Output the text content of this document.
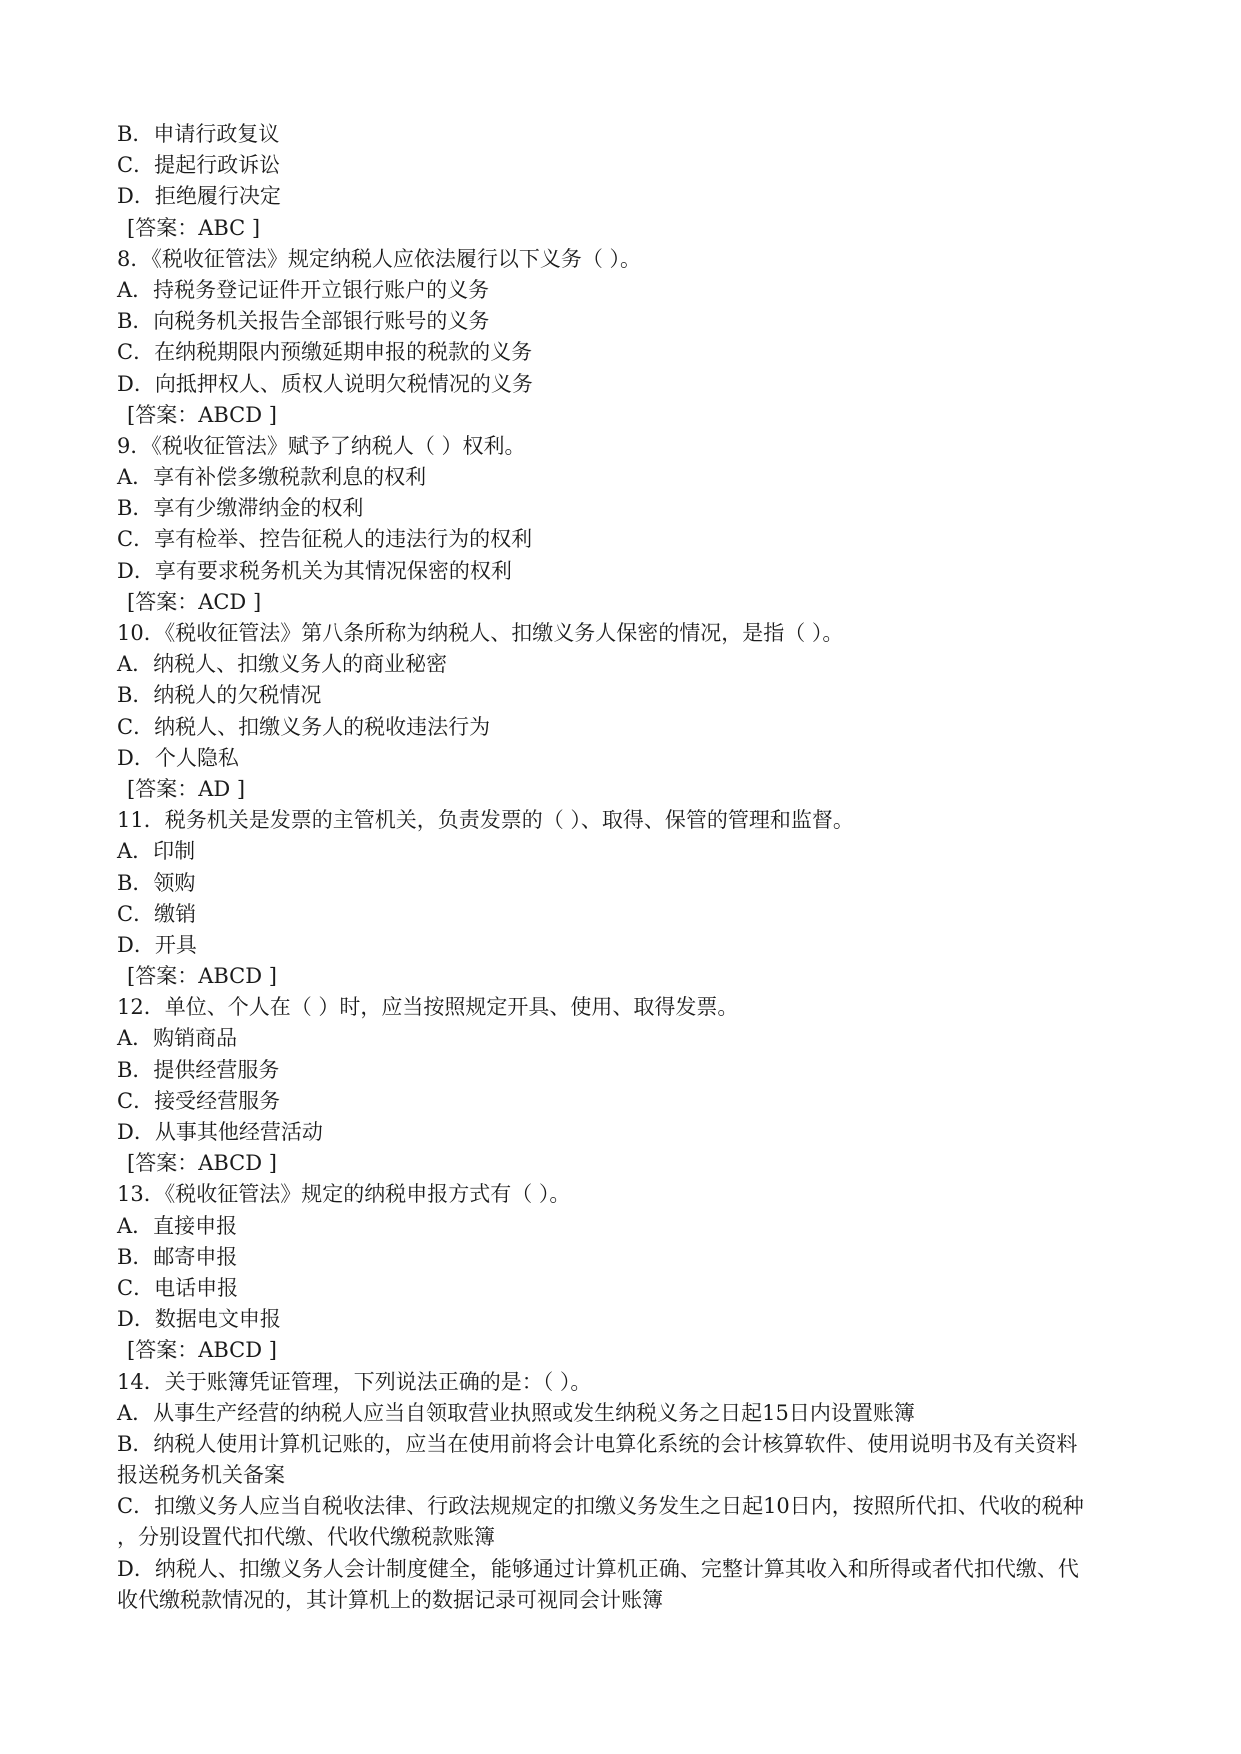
B．申请行政复议
C．提起行政诉讼
D．拒绝履行决定
[答案：ABC ]
8．《税收征管法》规定纳税人应依法履行以下义务（ ）。
A．持税务登记证件开立银行账户的义务
B．向税务机关报告全部银行账号的义务
C．在纳税期限内预缴延期申报的税款的义务
D．向抵押权人、质权人说明欠税情况的义务
[答案：ABCD ]
9．《税收征管法》赋予了纳税人（ ）权利。
A．享有补偿多缴税款利息的权利
B．享有少缴滞纳金的权利
C．享有检举、控告征税人的违法行为的权利
D．享有要求税务机关为其情况保密的权利
[答案：ACD ]
10．《税收征管法》第八条所称为纳税人、扣缴义务人保密的情况，是指（ ）。
A．纳税人、扣缴义务人的商业秘密
B．纳税人的欠税情况
C．纳税人、扣缴义务人的税收违法行为
D．个人隐私
[答案：AD ]
11．税务机关是发票的主管机关，负责发票的（ ）、取得、保管的管理和监督。
A．印制
B．领购
C．缴销
D．开具
[答案：ABCD ]
12．单位、个人在（ ）时，应当按照规定开具、使用、取得发票。
A．购销商品
B．提供经营服务
C．接受经营服务
D．从事其他经营活动
[答案：ABCD ]
13．《税收征管法》规定的纳税申报方式有（ ）。
A．直接申报
B．邮寄申报
C．电话申报
D．数据电文申报
[答案：ABCD ]
14．关于账簿凭证管理，下列说法正确的是：（ ）。
A．从事生产经营的纳税人应当自领取营业执照或发生纳税义务之日起15日内设置账簿
B．纳税人使用计算机记账的，应当在使用前将会计电算化系统的会计核算软件、使用说明书及有关资料
报送税务机关备案
C．扣缴义务人应当自税收法律、行政法规规定的扣缴义务发生之日起10日内，按照所代扣、代收的税种
，分别设置代扣代缴、代收代缴税款账簿
D．纳税人、扣缴义务人会计制度健全，能够通过计算机正确、完整计算其收入和所得或者代扣代缴、代
收代缴税款情况的，其计算机上的数据记录可视同会计账簿
